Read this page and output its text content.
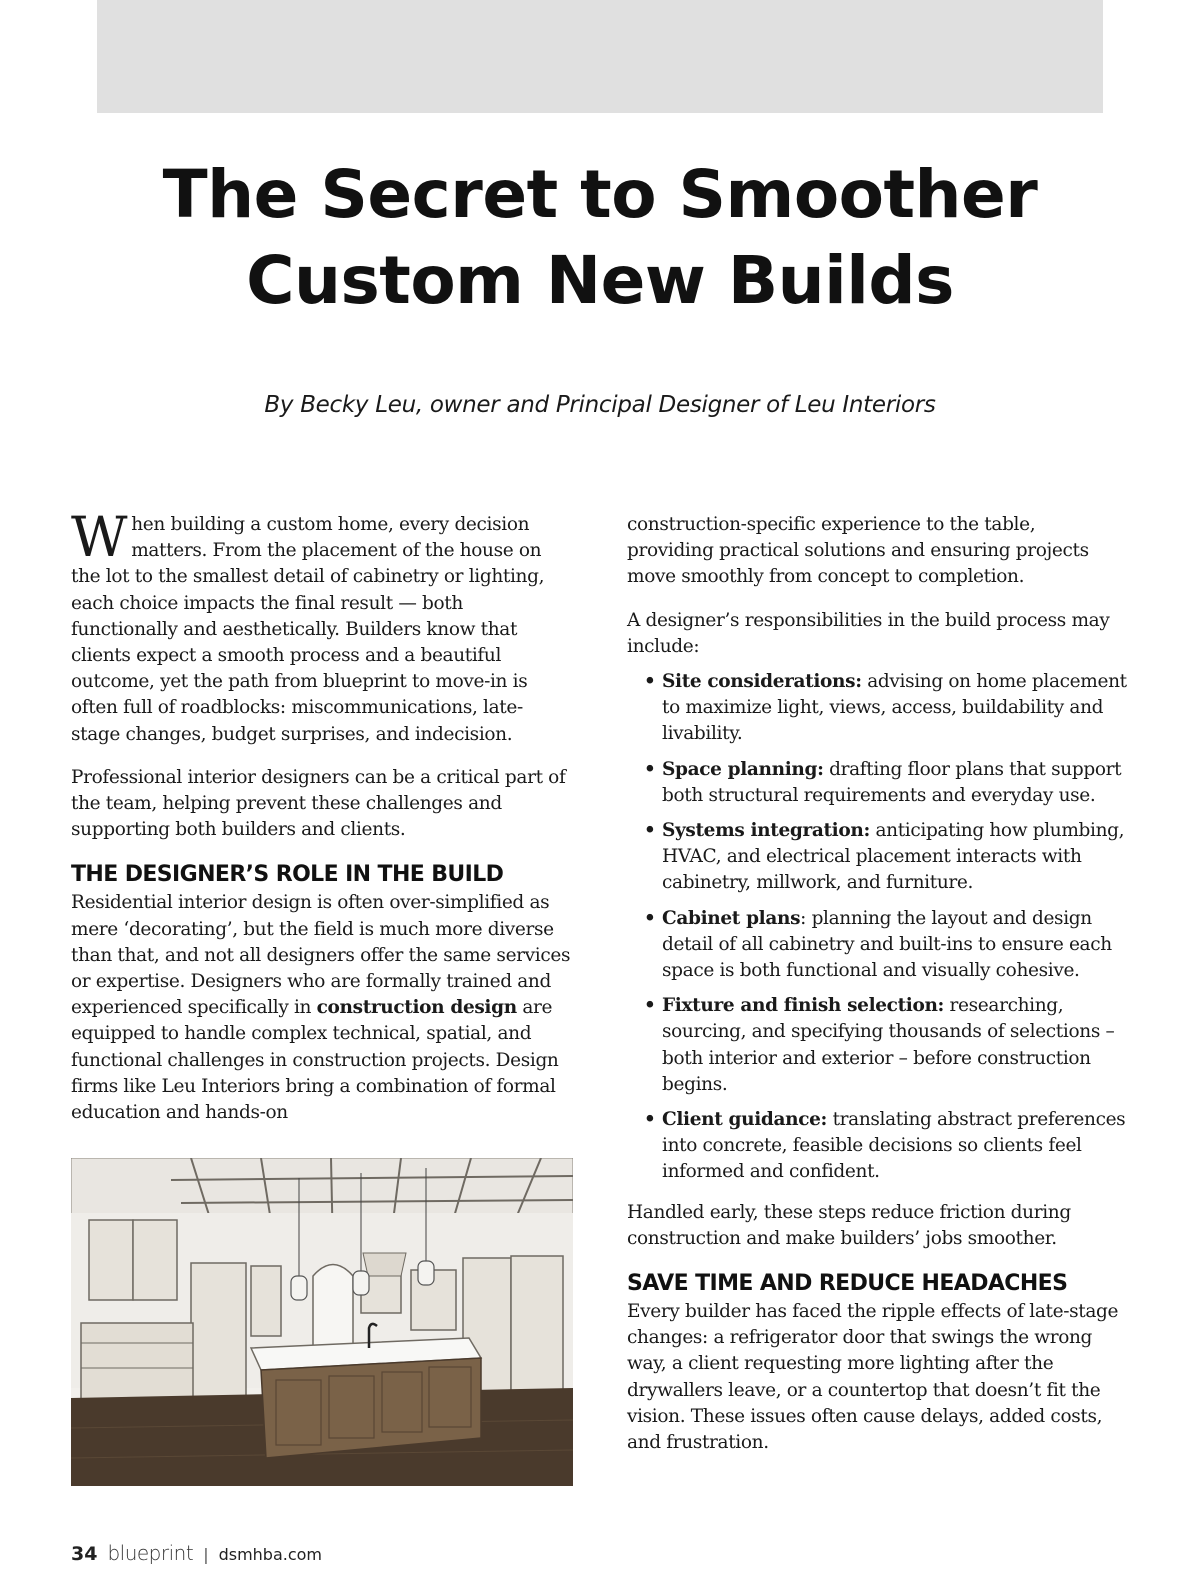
The Secret to Smoother
Custom New Builds
By Becky Leu, owner and Principal Designer of Leu Interiors

When building a custom home, every decision matters. From the placement of the house on the lot to the smallest detail of cabinetry or lighting, each choice impacts the final result — both functionally and aesthetically. Builders know that clients expect a smooth process and a beautiful outcome, yet the path from blueprint to move-in is often full of roadblocks: miscommunications, late-stage changes, budget surprises, and indecision.

Professional interior designers can be a critical part of the team, helping prevent these challenges and supporting both builders and clients.

THE DESIGNER’S ROLE IN THE BUILD

Residential interior design is often over-simplified as mere ‘decorating’, but the field is much more diverse than that, and not all designers offer the same services or expertise. Designers who are formally trained and experienced specifically in construction design are equipped to handle complex technical, spatial, and functional challenges in construction projects. Design firms like Leu Interiors bring a combination of formal education and hands-on

construction-specific experience to the table, providing practical solutions and ensuring projects move smoothly from concept to completion.

A designer’s responsibilities in the build process may include:

• Site considerations: advising on home placement to maximize light, views, access, buildability and livability.
• Space planning: drafting floor plans that support both structural requirements and everyday use.
• Systems integration: anticipating how plumbing, HVAC, and electrical placement interacts with cabinetry, millwork, and furniture.
• Cabinet plans: planning the layout and design detail of all cabinetry and built-ins to ensure each space is both functional and visually cohesive.
• Fixture and finish selection: researching, sourcing, and specifying thousands of selections – both interior and exterior – before construction begins.
• Client guidance: translating abstract preferences into concrete, feasible decisions so clients feel informed and confident.

Handled early, these steps reduce friction during construction and make builders’ jobs smoother.

SAVE TIME AND REDUCE HEADACHES

Every builder has faced the ripple effects of late-stage changes: a refrigerator door that swings the wrong way, a client requesting more lighting after the drywallers leave, or a countertop that doesn’t fit the vision. These issues often cause delays, added costs, and frustration.

34 blueprint | dsmhba.com
